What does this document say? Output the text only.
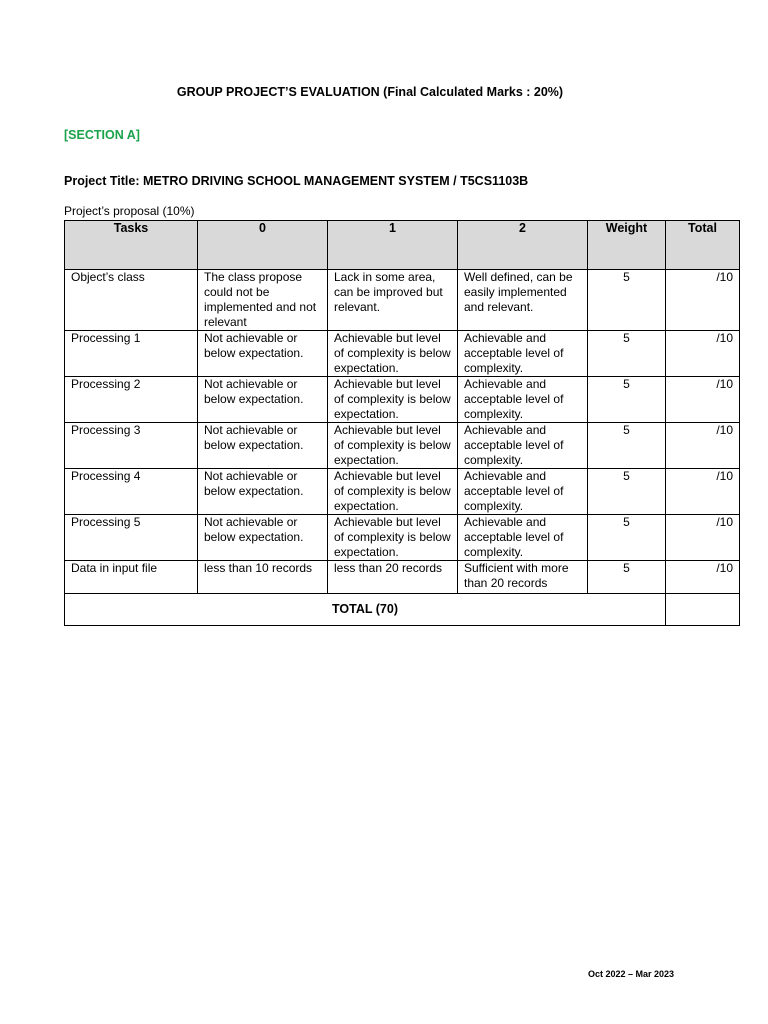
GROUP PROJECT’S EVALUATION (Final Calculated Marks : 20%)
[SECTION A]
Project Title: METRO DRIVING SCHOOL MANAGEMENT SYSTEM / T5CS1103B
Project’s proposal (10%)
Tasks	0	1	2	Weight	Total
Object’s class	The class propose could not be implemented and not relevant	Lack in some area, can be improved but relevant.	Well defined, can be easily implemented and relevant.	5	/10
Processing 1	Not achievable or below expectation.	Achievable but level of complexity is below expectation.	Achievable and acceptable level of complexity.	5	/10
Processing 2	Not achievable or below expectation.	Achievable but level of complexity is below expectation.	Achievable and acceptable level of complexity.	5	/10
Processing 3	Not achievable or below expectation.	Achievable but level of complexity is below expectation.	Achievable and acceptable level of complexity.	5	/10
Processing 4	Not achievable or below expectation.	Achievable but level of complexity is below expectation.	Achievable and acceptable level of complexity.	5	/10
Processing 5	Not achievable or below expectation.	Achievable but level of complexity is below expectation.	Achievable and acceptable level of complexity.	5	/10
Data in input file	less than 10 records	less than 20 records	Sufficient with more than 20 records	5	/10
TOTAL (70)					
Oct 2022 – Mar 2023
